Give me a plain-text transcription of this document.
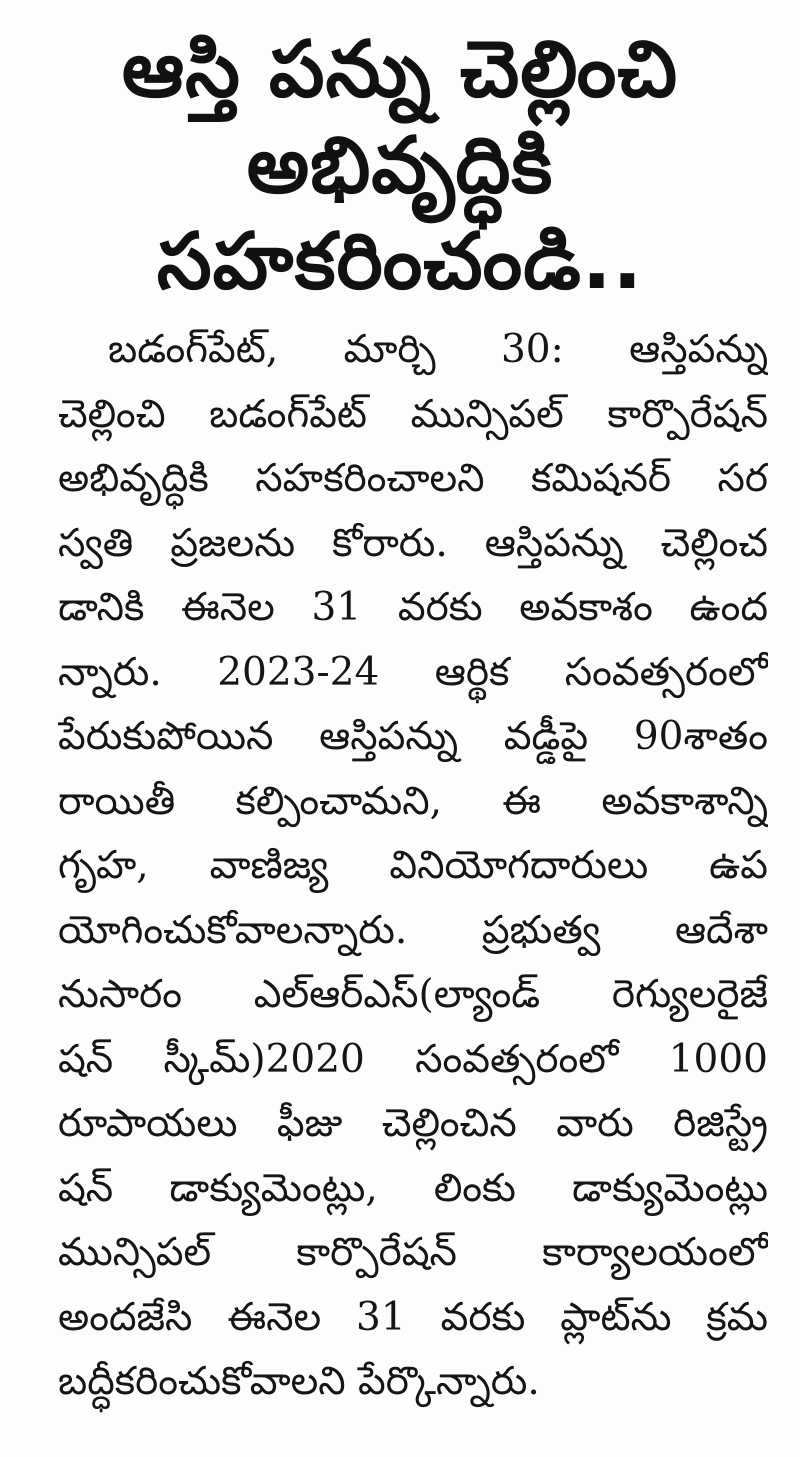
ఆస్తి పన్ను చెల్లించి
అభివృద్ధికి
సహకరించండి..
బడంగ్‌పేట్, మార్చి 30: ఆస్తిపన్ను
చెల్లించి బడంగ్‌పేట్ మున్సిపల్ కార్పొరేషన్
అభివృద్ధికి సహకరించాలని కమిషనర్ సర
స్వతి ప్రజలను కోరారు. ఆస్తిపన్ను చెల్లించ
డానికి ఈనెల 31 వరకు అవకాశం ఉంద
న్నారు. 2023-24 ఆర్థిక సంవత్సరంలో
పేరుకుపోయిన ఆస్తిపన్ను వడ్డీపై 90శాతం
రాయితీ కల్పించామని, ఈ అవకాశాన్ని
గృహ, వాణిజ్య వినియోగదారులు ఉప
యోగించుకోవాలన్నారు. ప్రభుత్వ ఆదేశా
నుసారం ఎల్‌ఆర్‌ఎస్(ల్యాండ్ రెగ్యులరైజే
షన్ స్కీమ్)2020 సంవత్సరంలో 1000
రూపాయలు ఫీజు చెల్లించిన వారు రిజిస్ట్రే
షన్ డాక్యుమెంట్లు, లింకు డాక్యుమెంట్లు
మున్సిపల్ కార్పొరేషన్ కార్యాలయంలో
అందజేసి ఈనెల 31 వరకు ప్లాట్‌ను క్రమ
బద్ధీకరించుకోవాలని పేర్కొన్నారు.
